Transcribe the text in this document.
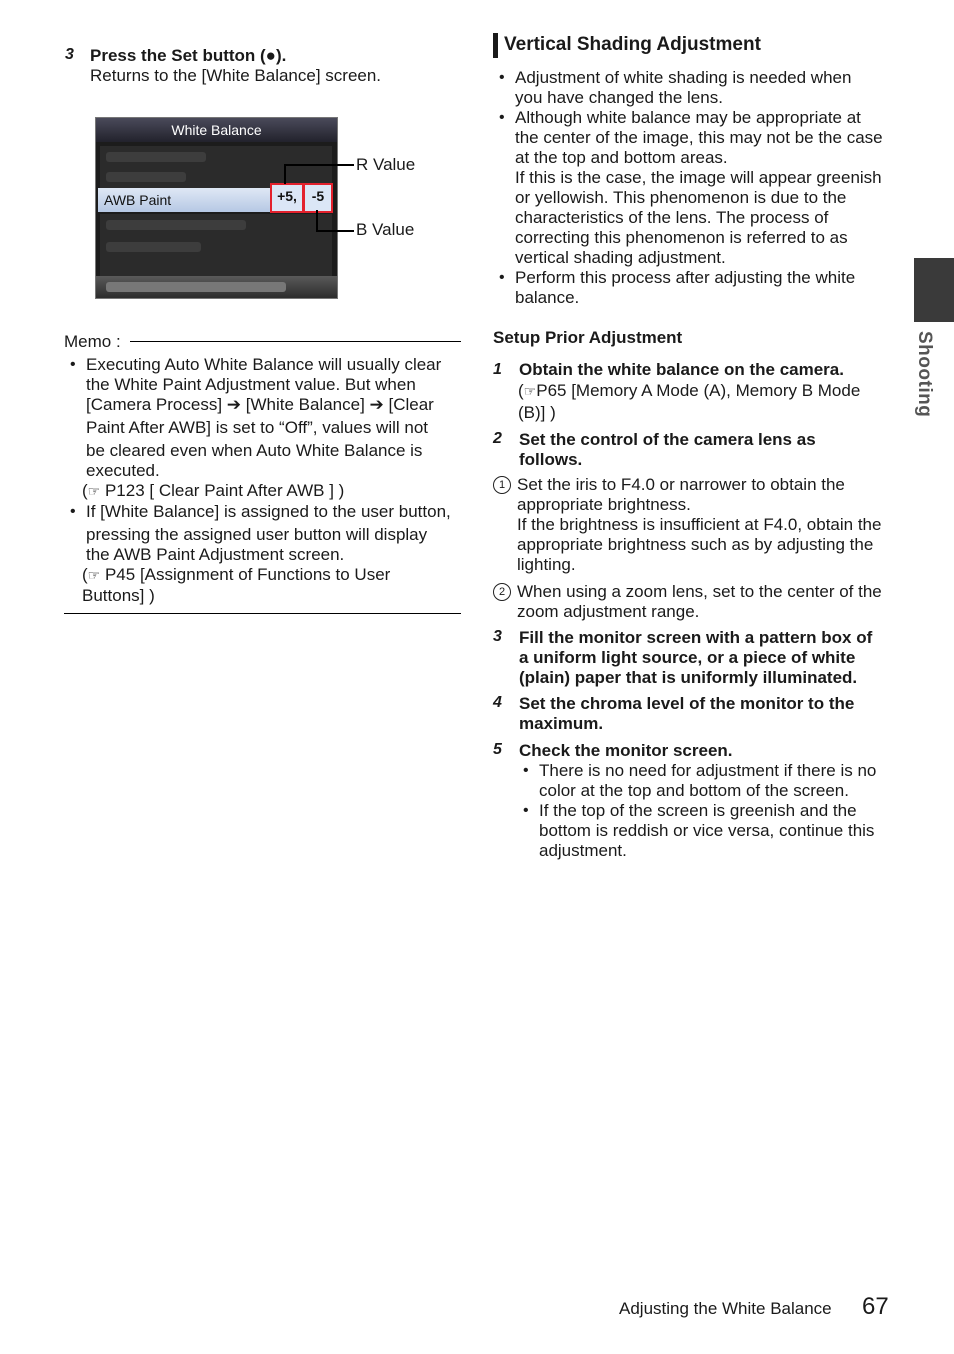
3 Press the Set button (●).
Returns to the [White Balance] screen.
White Balance
AWB Paint	+5,	-5
R Value
B Value
Memo :
• Executing Auto White Balance will usually clear
the White Paint Adjustment value. But when
[Camera Process] ➔ [White Balance] ➔ [Clear
Paint After AWB] is set to “Off”, values will not
be cleared even when Auto White Balance is
executed.
(☞ P123 [ Clear Paint After AWB ] )
• If [White Balance] is assigned to the user button,
pressing the assigned user button will display
the AWB Paint Adjustment screen.
(☞ P45 [Assignment of Functions to User
Buttons] )
Vertical Shading Adjustment
• Adjustment of white shading is needed when
you have changed the lens.
• Although white balance may be appropriate at
the center of the image, this may not be the case
at the top and bottom areas.
If this is the case, the image will appear greenish
or yellowish. This phenomenon is due to the
characteristics of the lens. The process of
correcting this phenomenon is referred to as
vertical shading adjustment.
• Perform this process after adjusting the white
balance.
Setup Prior Adjustment
1 Obtain the white balance on the camera.
(☞P65 [Memory A Mode (A), Memory B Mode
(B)] )
2 Set the control of the camera lens as
follows.
1 Set the iris to F4.0 or narrower to obtain the
appropriate brightness.
If the brightness is insufficient at F4.0, obtain the
appropriate brightness such as by adjusting the
lighting.
2 When using a zoom lens, set to the center of the
zoom adjustment range.
3 Fill the monitor screen with a pattern box of
a uniform light source, or a piece of white
(plain) paper that is uniformly illuminated.
4 Set the chroma level of the monitor to the
maximum.
5 Check the monitor screen.
• There is no need for adjustment if there is no
color at the top and bottom of the screen.
• If the top of the screen is greenish and the
bottom is reddish or vice versa, continue this
adjustment.
Shooting
Adjusting the White Balance 67
